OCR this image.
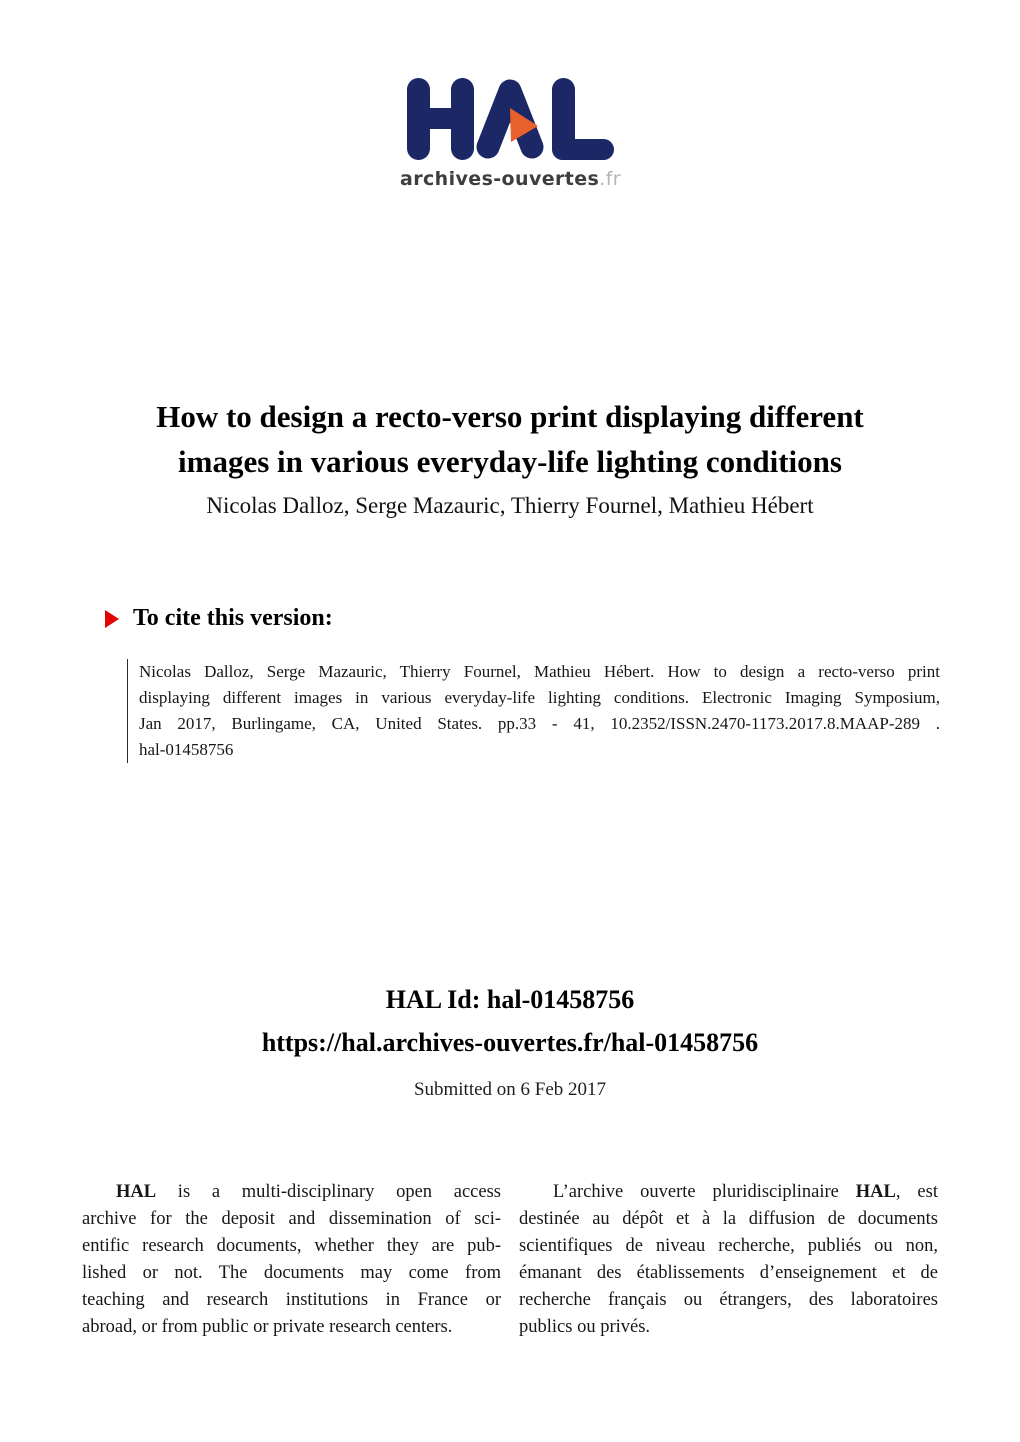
archives-ouvertes.fr
How to design a recto-verso print displaying different
images in various everyday-life lighting conditions
Nicolas Dalloz, Serge Mazauric, Thierry Fournel, Mathieu Hébert
To cite this version:
Nicolas Dalloz, Serge Mazauric, Thierry Fournel, Mathieu Hébert. How to design a recto-verso print
displaying different images in various everyday-life lighting conditions. Electronic Imaging Symposium,
Jan 2017, Burlingame, CA, United States. pp.33 - 41, 10.2352/ISSN.2470-1173.2017.8.MAAP-289 .
hal-01458756
HAL Id: hal-01458756
https://hal.archives-ouvertes.fr/hal-01458756
Submitted on 6 Feb 2017
HAL is a multi-disciplinary open access
archive for the deposit and dissemination of sci-
entific research documents, whether they are pub-
lished or not. The documents may come from
teaching and research institutions in France or
abroad, or from public or private research centers.
L’archive ouverte pluridisciplinaire HAL, est
destinée au dépôt et à la diffusion de documents
scientifiques de niveau recherche, publiés ou non,
émanant des établissements d’enseignement et de
recherche français ou étrangers, des laboratoires
publics ou privés.
